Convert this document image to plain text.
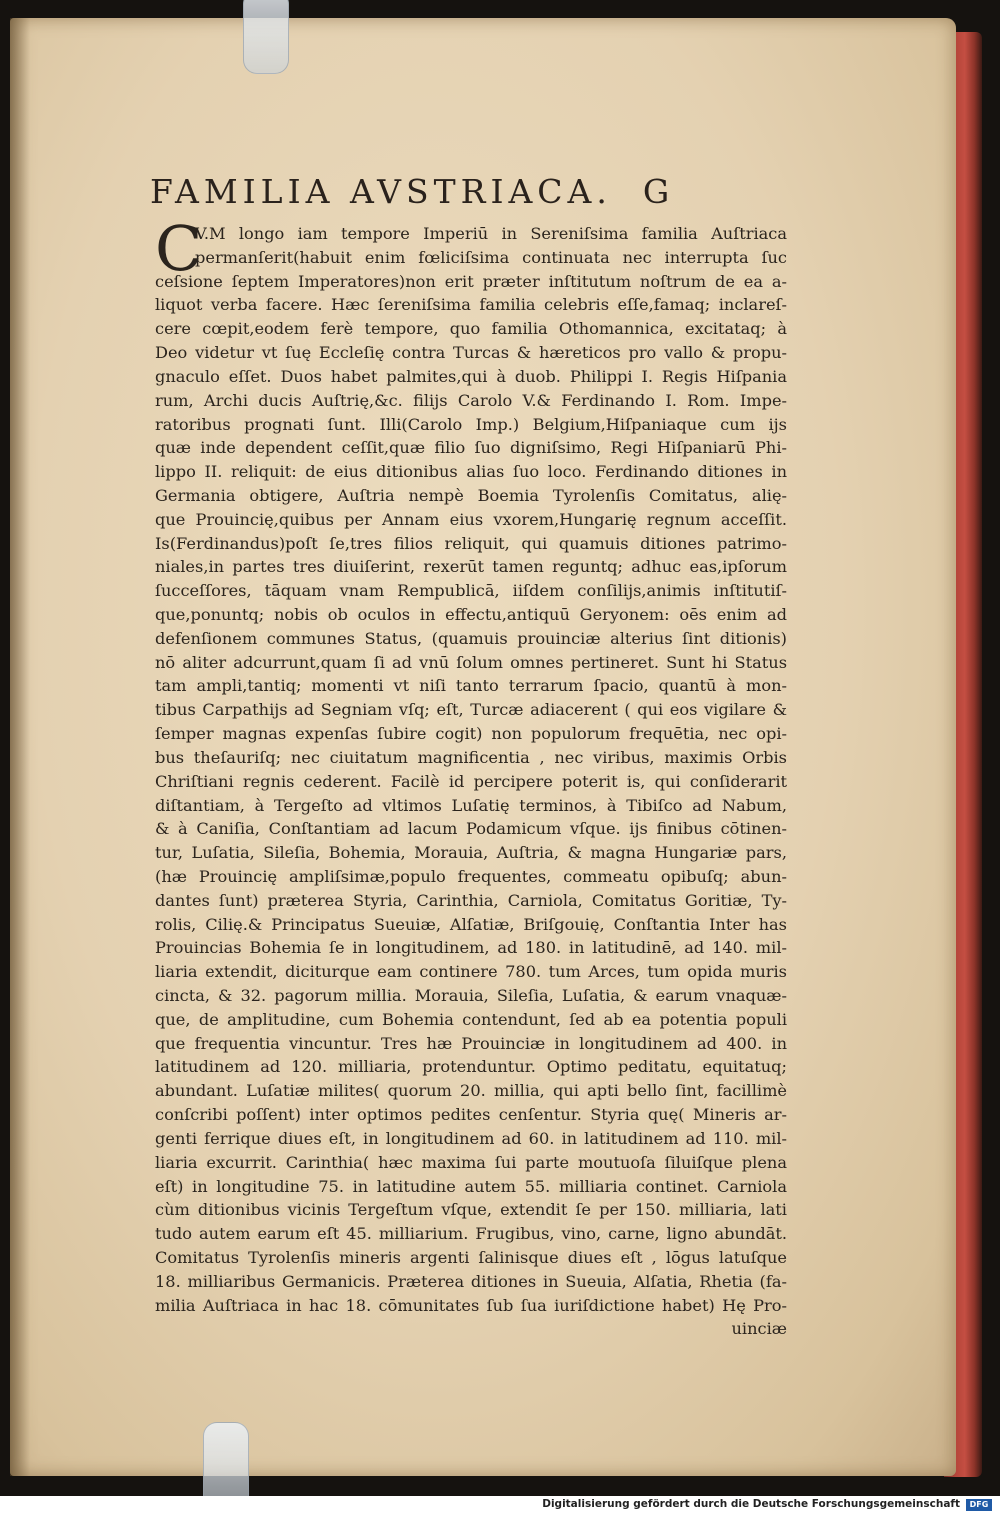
FAMILIA AVSTRIACA. G
C
V.M longo iam tempore Imperiū in Sereniſsima familia Auſtriaca
permanſerit(habuit enim fœliciſsima continuata nec interrupta ſuc
ceſsione ſeptem Imperatores)non erit præter inſtitutum noſtrum de ea a-
liquot verba facere. Hæc ſereniſsima familia celebris eſſe,famaq; inclareſ-
cere cœpit,eodem ferè tempore, quo familia Othomannica, excitataq; à
Deo videtur vt ſuę Eccleſię contra Turcas & hæreticos pro vallo & propu-
gnaculo eſſet. Duos habet palmites,qui à duob. Philippi I. Regis Hiſpania
rum, Archi ducis Auſtrię,&c. filijs Carolo V.& Ferdinando I. Rom. Impe-
ratoribus prognati ſunt. Illi(Carolo Imp.) Belgium,Hiſpaniaque cum ijs
quæ inde dependent ceſſit,quæ filio ſuo digniſsimo, Regi Hiſpaniarū Phi-
lippo II. reliquit: de eius ditionibus alias ſuo loco. Ferdinando ditiones in
Germania obtigere, Auſtria nempè Boemia Tyrolenſis Comitatus, alię-
que Prouincię,quibus per Annam eius vxorem,Hungarię regnum acceſſit.
Is(Ferdinandus)poſt ſe,tres filios reliquit, qui quamuis ditiones patrimo-
niales,in partes tres diuiſerint, rexerūt tamen reguntq; adhuc eas,ipſorum
ſucceſſores, tāquam vnam Rempublicā, iiſdem conſilijs,animis inſtitutiſ-
que,ponuntq; nobis ob oculos in effectu,antiquū Geryonem: oēs enim ad
defenſionem communes Status, (quamuis prouinciæ alterius ſint ditionis)
nō aliter adcurrunt,quam ſi ad vnū ſolum omnes pertineret. Sunt hi Status
tam ampli,tantiq; momenti vt niſi tanto terrarum ſpacio, quantū à mon-
tibus Carpathijs ad Segniam vſq; eſt, Turcæ adiacerent ( qui eos vigilare &
ſemper magnas expenſas ſubire cogit) non populorum frequētia, nec opi-
bus theſauriſq; nec ciuitatum magnificentia , nec viribus, maximis Orbis
Chriſtiani regnis cederent. Facilè id percipere poterit is, qui conſiderarit
diſtantiam, à Tergeſto ad vltimos Luſatię terminos, à Tibiſco ad Nabum,
& à Caniſia, Conſtantiam ad lacum Podamicum vſque. ijs finibus cōtinen-
tur, Luſatia, Sileſia, Bohemia, Morauia, Auſtria, & magna Hungariæ pars,
(hæ Prouincię ampliſsimæ,populo frequentes, commeatu opibuſq; abun-
dantes ſunt) præterea Styria, Carinthia, Carniola, Comitatus Goritiæ, Ty-
rolis, Cilię.& Principatus Sueuiæ, Alſatiæ, Briſgouię, Conſtantia Inter has
Prouincias Bohemia ſe in longitudinem, ad 180. in latitudinē, ad 140. mil-
liaria extendit, diciturque eam continere 780. tum Arces, tum opida muris
cincta, & 32. pagorum millia. Morauia, Sileſia, Luſatia, & earum vnaquæ-
que, de amplitudine, cum Bohemia contendunt, ſed ab ea potentia populi
que frequentia vincuntur. Tres hæ Prouinciæ in longitudinem ad 400. in
latitudinem ad 120. milliaria, protenduntur. Optimo peditatu, equitatuq;
abundant. Luſatiæ milites( quorum 20. millia, qui apti bello ſint, facillimè
conſcribi poſſent) inter optimos pedites cenſentur. Styria quę( Mineris ar-
genti ferrique diues eſt, in longitudinem ad 60. in latitudinem ad 110. mil-
liaria excurrit. Carinthia( hæc maxima ſui parte moutuoſa ſiluiſque plena
eſt) in longitudine 75. in latitudine autem 55. milliaria continet. Carniola
cùm ditionibus vicinis Tergeſtum vſque, extendit ſe per 150. milliaria, lati
tudo autem earum eſt 45. milliarium. Frugibus, vino, carne, ligno abundāt.
Comitatus Tyrolenſis mineris argenti ſalinisque diues eſt , lōgus latuſque
18. milliaribus Germanicis. Præterea ditiones in Sueuia, Alſatia, Rhetia (fa-
milia Auſtriaca in hac 18. cōmunitates ſub ſua iuriſdictione habet) Hę Pro-
uinciæ
Digitalisierung gefördert durch die Deutsche Forschungsgemeinschaft	DFG
